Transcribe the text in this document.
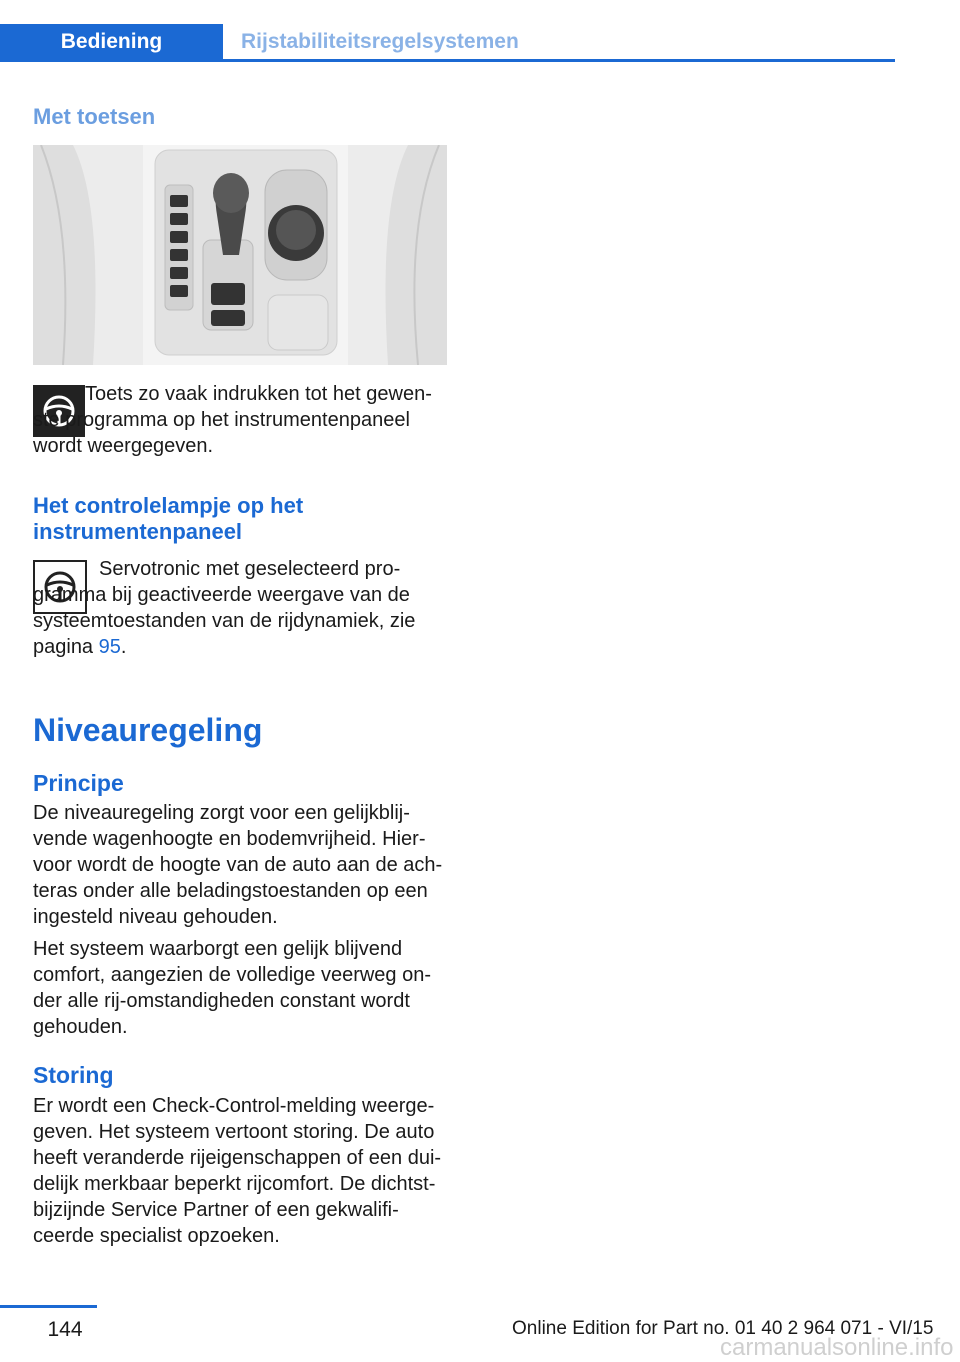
Bediening	Rijstabiliteitsregelsystemen
Met toetsen

Toets zo vaak indrukken tot het gewenste programma op het instrumentenpaneel wordt weergegeven.

Het controlelampje op het
instrumentenpaneel

Servotronic met geselecteerd programma bij geactiveerde weergave van de systeemtoestanden van de rijdynamiek, zie pagina 95.

Niveauregeling
Principe

De niveauregeling zorgt voor een gelijkblijvende wagenhoogte en bodemvrijheid. Hiervoor wordt de hoogte van de auto aan de achteras onder alle beladingstoestanden op een ingesteld niveau gehouden.

Het systeem waarborgt een gelijk blijvend comfort, aangezien de volledige veerweg onder alle rij-omstandigheden constant wordt gehouden.

Storing

Er wordt een Check-Control-melding weergegeven. Het systeem vertoont storing. De auto heeft veranderde rijeigenschappen of een duidelijk merkbaar beperkt rijcomfort. De dichtstbijzijnde Service Partner of een gekwalificeerde specialist opzoeken.

144	Online Edition for Part no. 01 40 2 964 071 - VI/15
carmanualsonline.info
